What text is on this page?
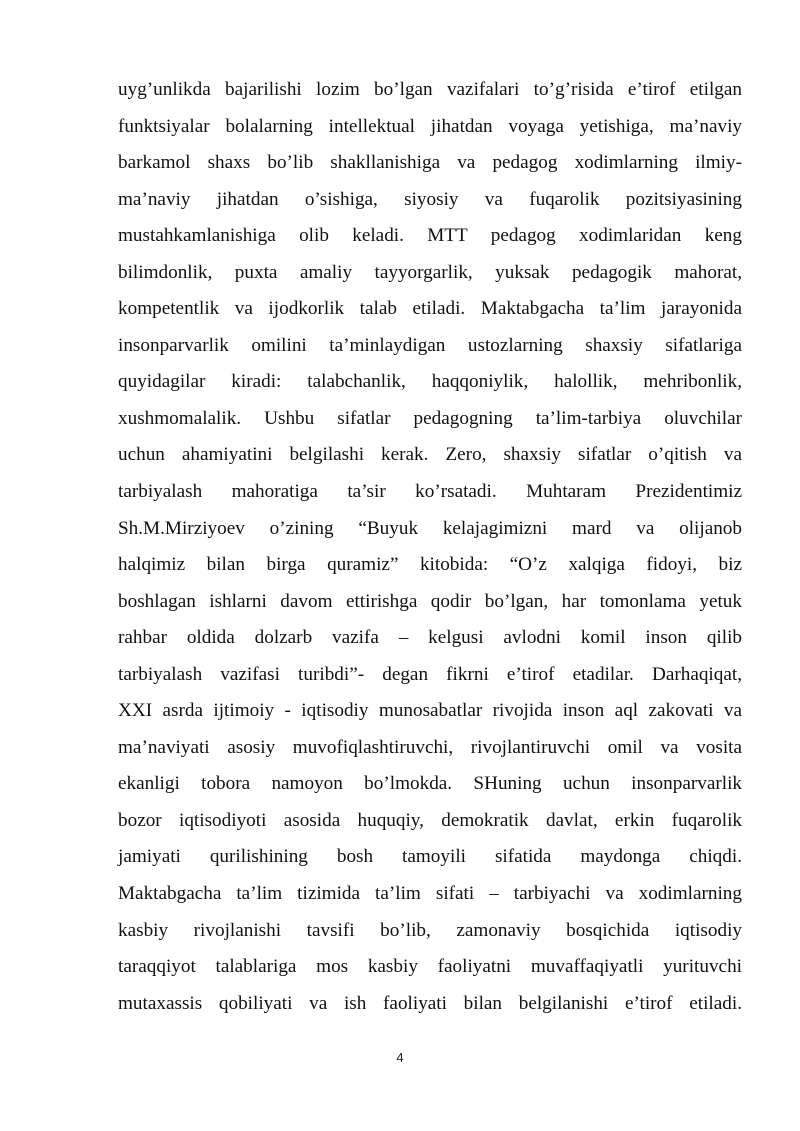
uyg’unlikda bajarilishi lozim bo’lgan vazifalari to’g’risida e’tirof etilgan
funktsiyalar bolalarning intellektual jihatdan voyaga yetishiga, ma’naviy
barkamol shaxs bo’lib shakllanishiga va pedagog xodimlarning ilmiy-
ma’naviy jihatdan o’sishiga, siyosiy va fuqarolik pozitsiyasining
mustahkamlanishiga olib keladi. MTT pedagog xodimlaridan keng
bilimdonlik, puxta amaliy tayyorgarlik, yuksak pedagogik mahorat,
kompetentlik va ijodkorlik talab etiladi. Maktabgacha ta’lim jarayonida
insonparvarlik omilini ta’minlaydigan ustozlarning shaxsiy sifatlariga
quyidagilar kiradi: talabchanlik, haqqoniylik, halollik, mehribonlik,
xushmomalalik. Ushbu sifatlar pedagogning ta’lim-tarbiya oluvchilar
uchun ahamiyatini belgilashi kerak. Zero, shaxsiy sifatlar o’qitish va
tarbiyalash mahoratiga ta’sir ko’rsatadi. Muhtaram Prezidentimiz
Sh.M.Mirziyoev o’zining “Buyuk kelajagimizni mard va olijanob
halqimiz bilan birga quramiz” kitobida: “O’z xalqiga fidoyi, biz
boshlagan ishlarni davom ettirishga qodir bo’lgan, har tomonlama yetuk
rahbar oldida dolzarb vazifa – kelgusi avlodni komil inson qilib
tarbiyalash vazifasi turibdi”- degan fikrni e’tirof etadilar. Darhaqiqat,
XXI asrda ijtimoiy - iqtisodiy munosabatlar rivojida inson aql zakovati va
ma’naviyati asosiy muvofiqlashtiruvchi, rivojlantiruvchi omil va vosita
ekanligi tobora namoyon bo’lmokda. SHuning uchun insonparvarlik
bozor iqtisodiyoti asosida huquqiy, demokratik davlat, erkin fuqarolik
jamiyati qurilishining bosh tamoyili sifatida maydonga chiqdi.
Maktabgacha ta’lim tizimida ta’lim sifati – tarbiyachi va xodimlarning
kasbiy rivojlanishi tavsifi bo’lib, zamonaviy bosqichida iqtisodiy
taraqqiyot talablariga mos kasbiy faoliyatni muvaffaqiyatli yurituvchi
mutaxassis qobiliyati va ish faoliyati bilan belgilanishi e’tirof etiladi.
4
